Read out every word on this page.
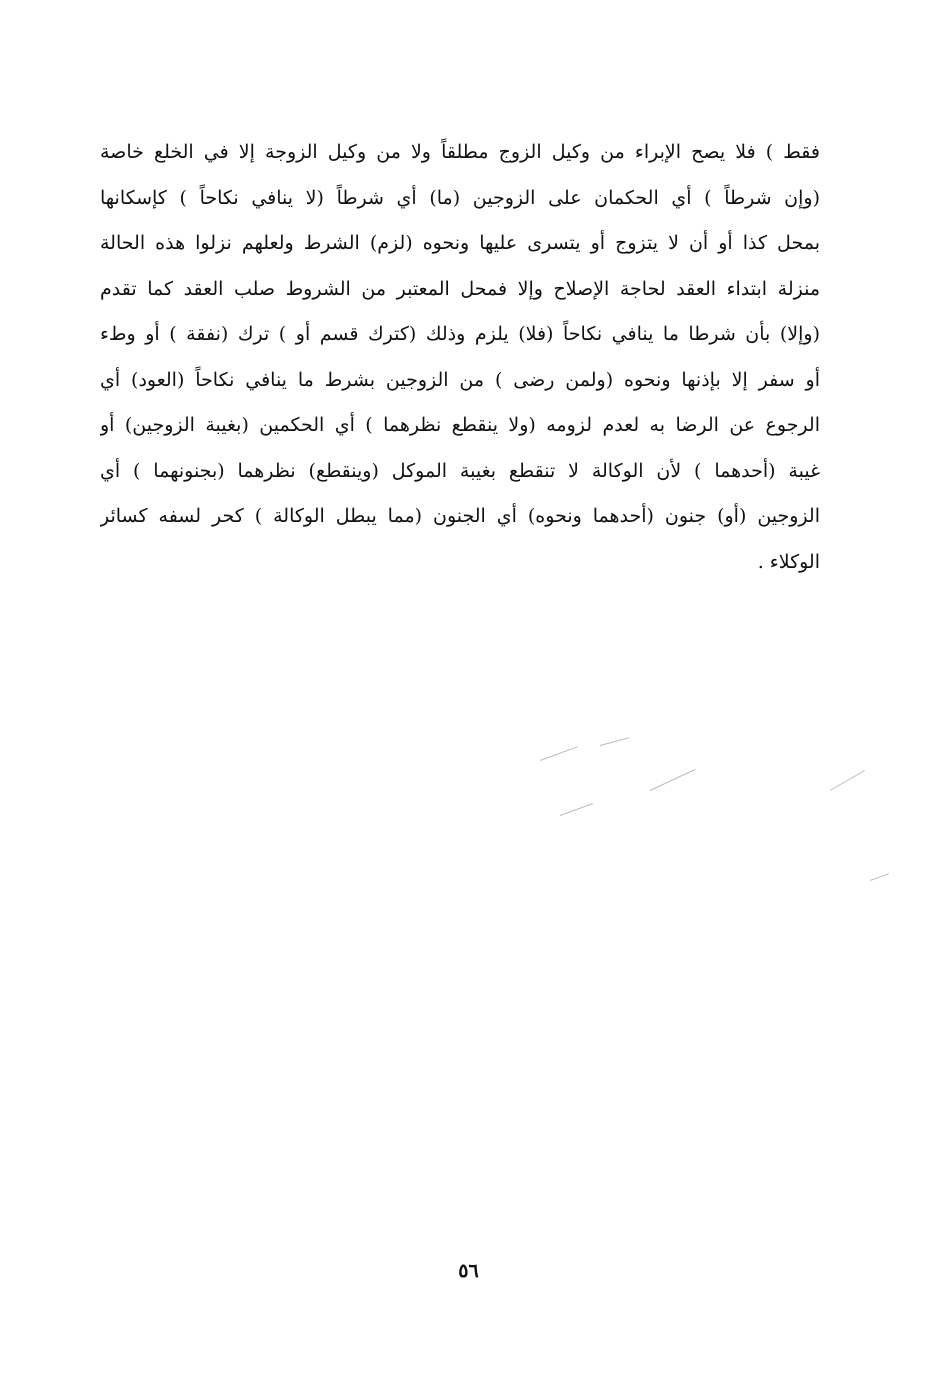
فقط ) فلا يصح الإبراء من وكيل الزوج مطلقاً ولا من وكيل الزوجة إلا في الخلع خاصة
(وإن شرطاً ) أي الحكمان على الزوجين (ما) أي شرطاً (لا ينافي نكاحاً ) كإسكانها
بمحل كذا أو أن لا يتزوج أو يتسرى عليها ونحوه (لزم) الشرط ولعلهم نزلوا هذه الحالة
منزلة ابتداء العقد لحاجة الإصلاح وإلا فمحل المعتبر من الشروط صلب العقد كما تقدم
(وإلا) بأن شرطا ما ينافي نكاحاً (فلا) يلزم وذلك (كترك قسم أو ) ترك (نفقة ) أو وطء
أو سفر إلا بإذنها ونحوه (ولمن رضى ) من الزوجين بشرط ما ينافي نكاحاً (العود) أي
الرجوع عن الرضا به لعدم لزومه (ولا ينقطع نظرهما ) أي الحكمين (بغيبة الزوجين) أو
غيبة (أحدهما ) لأن الوكالة لا تنقطع بغيبة الموكل (وينقطع) نظرهما (بجنونهما ) أي
الزوجين (أو) جنون (أحدهما ونحوه) أي الجنون (مما يبطل الوكالة ) كحر لسفه كسائر
الوكلاء .
٥٦
